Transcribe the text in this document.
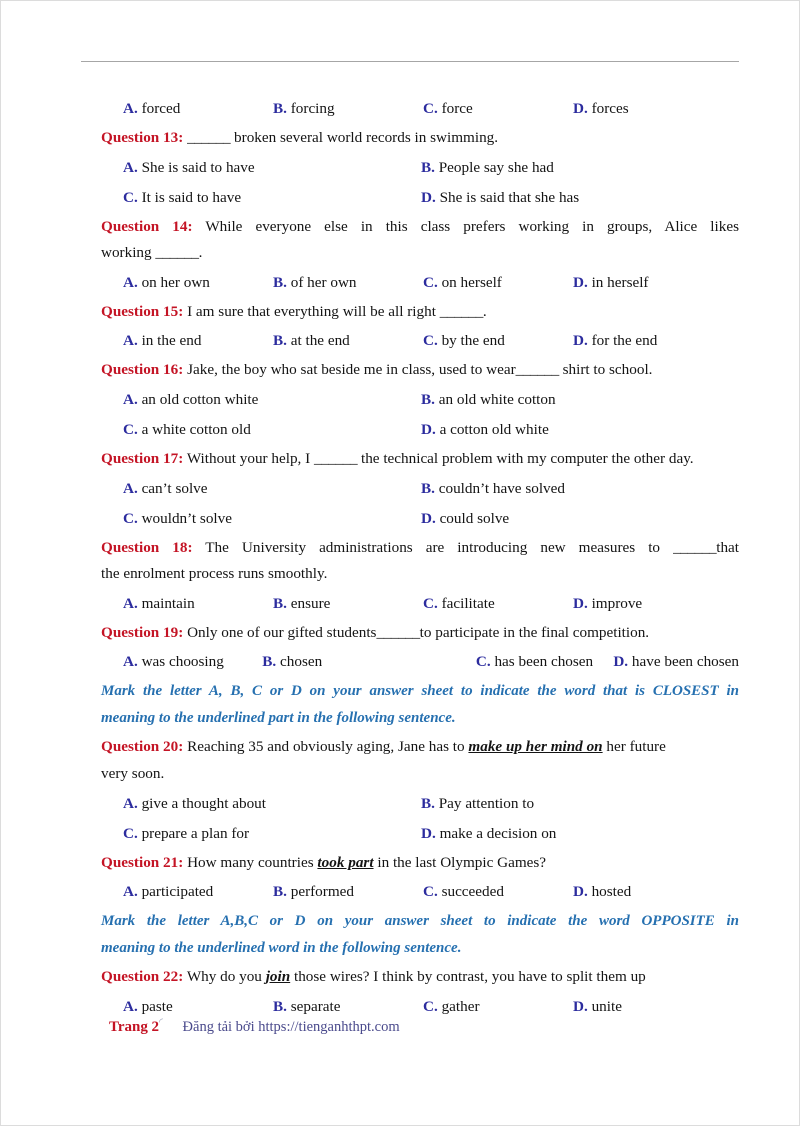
A. forced	B. forcing	C. force	D. forces

Question 13: ______ broken several world records in swimming.

A. She is said to have	B. People say she had
C. It is said to have	D. She is said that she has

Question 14: While everyone else in this class prefers working in groups, Alice likes
working ______.

A. on her own	B. of her own	C. on herself	D. in herself

Question 15: I am sure that everything will be all right ______.

A. in the end	B. at the end	C. by the end	D. for the end

Question 16: Jake, the boy who sat beside me in class, used to wear______ shirt to school.

A. an old cotton white	B. an old white cotton
C. a white cotton old	D. a cotton old white

Question 17: Without your help, I ______ the technical problem with my computer the other day.

A. can’t solve	B. couldn’t have solved
C. wouldn’t solve	D. could solve

Question 18: The University administrations are introducing new measures to ______that
the enrolment process runs smoothly.

A. maintain	B. ensure	C. facilitate	D. improve

Question 19: Only one of our gifted students______to participate in the final competition.

A. was choosing	B. chosen	C. has been chosen	D. have been chosen

Mark the letter A, B, C or D on your answer sheet to indicate the word that is CLOSEST in
meaning to the underlined part in the following sentence.

Question 20: Reaching 35 and obviously aging, Jane has to make up her mind on her future
very soon.

A. give a thought about	B. Pay attention to
C. prepare a plan for	D. make a decision on

Question 21: How many countries took part in the last Olympic Games?

A. participated	B. performed	C. succeeded	D. hosted

Mark the letter A,B,C or D on your answer sheet to indicate the word OPPOSITE in
meaning to the underlined word in the following sentence.

Question 22: Why do you join those wires? I think by contrast, you have to split them up

A. paste	B. separate	C. gather	D. unite
Trang 2◜ Đăng tải bởi https://tienganhthpt.com
